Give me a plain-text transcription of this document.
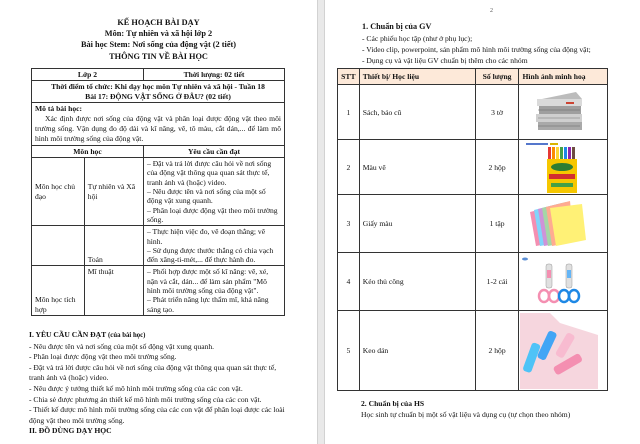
KẾ HOẠCH BÀI DẠY
Môn: Tự nhiên và xã hội lớp 2
Bài học Stem: Nơi sống của động vật (2 tiết)
THÔNG TIN VỀ BÀI HỌC
Lớp 2		Thời lượng: 02 tiết

Thời điểm tổ chức: Khi dạy học môn Tự nhiên và xã hội - Tuần 18
Bài 17: ĐỘNG VẬT SỐNG Ở ĐÂU? (02 tiết)		

Mô tả bài học:
Xác định được nơi sống của động vật và phân loại được động vật theo môi trường sống. Vận dụng đo độ dài và kĩ năng, vẽ, tô màu, cắt dán,... để làm mô hình môi trường sống của động vật.		

Môn học		Yêu cầu cần đạt
Môn học chủ đạo	Tự nhiên và Xã hội	– Đặt và trả lời được câu hỏi về nơi sống của động vật thông qua quan sát thực tế, tranh ảnh và (hoặc) video.
– Nêu được tên và nơi sống của một số động vật xung quanh.
– Phân loại được động vật theo môi trường sống.

	Toán	– Thực hiện việc đo, vẽ đoạn thẳng; vẽ hình.
– Sử dụng được thước thẳng có chia vạch đến xăng-ti-mét,... để thực hành đo.

Môn học tích hợp	Mĩ thuật	– Phối hợp được một số kĩ năng: vẽ, xé, nặn và cắt, dán... để làm sản phẩm "Mô hình môi trường sống của động vật".
– Phát triển năng lực thẩm mĩ, khả năng sáng tạo.

I. YÊU CẦU CẦN ĐẠT (của bài học)

- Nêu được tên và nơi sống của một số động vật xung quanh.

- Phân loại được động vật theo môi trường sống.

- Đặt và trả lời được câu hỏi về nơi sống của động vật thông qua quan sát thực tế, tranh ảnh và (hoặc) video.

- Nêu được ý tưởng thiết kế mô hình môi trường sống của các con vật.

- Chia sẻ được phương án thiết kế mô hình môi trường sống của các con vật.

- Thiết kế được mô hình môi trường sống của các con vật để phân loại được các loài động vật theo môi trường sống.

II. ĐỒ DÙNG DẠY HỌC

2
1. Chuẩn bị của GV

- Các phiếu học tập (như ở phụ lục);

- Video clip, powerpoint, sản phẩm mô hình môi trường sống của động vật;

- Dụng cụ và vật liệu GV chuẩn bị thêm cho các nhóm

STT	Thiết bị/ Học liệu	Số lượng	Hình ảnh minh hoạ
1	Sách, báo cũ	3 tờ	

2	Màu vẽ	2 hộp	

3	Giấy màu	1 tập	

4	Kéo thủ công	1-2 cái	

5	Keo dán	2 hộp	

2. Chuẩn bị của HS

Học sinh tự chuẩn bị một số vật liệu và dụng cụ (tự chọn theo nhóm)
